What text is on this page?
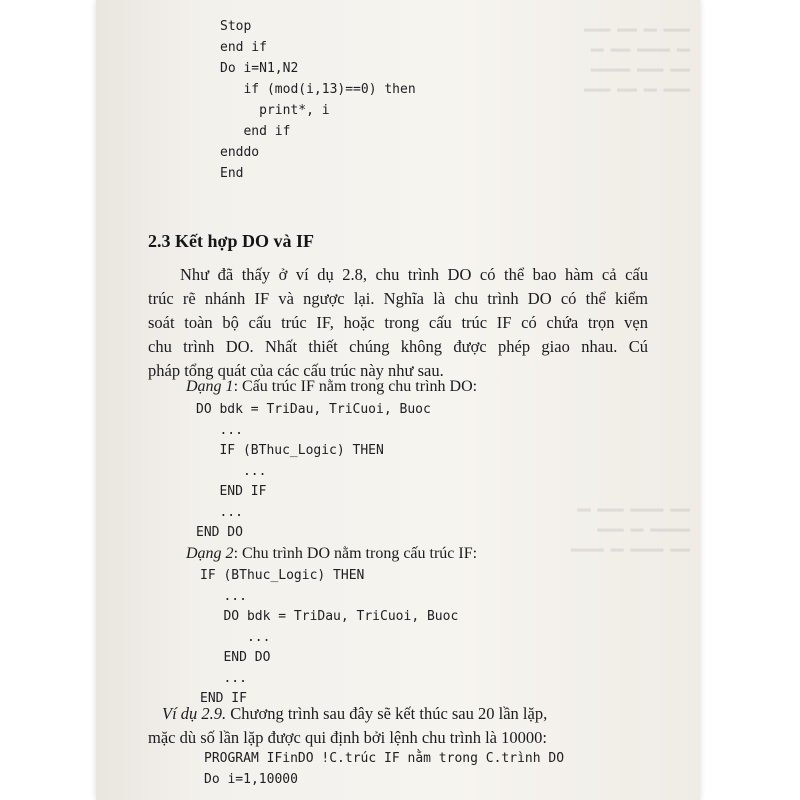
▬▬▬▬ ▬▬ ▬▬▬ ▬▬▬▬
▬▬ ▬▬▬▬▬ ▬▬▬ ▬▬
▬▬▬ ▬▬▬▬ ▬▬▬▬▬▬
▬▬▬▬ ▬▬ ▬▬▬ ▬▬▬▬
▬▬▬ ▬▬▬▬▬ ▬▬▬▬ ▬▬
▬▬▬▬▬▬ ▬▬ ▬▬▬▬
▬▬▬ ▬▬▬▬▬ ▬▬ ▬▬▬▬▬
Stop
end if
Do i=N1,N2
if (mod(i,13)==0) then
print*, i
end if
enddo
End
2.3 Kết hợp DO và IF

Như đã thấy ở ví dụ 2.8, chu trình DO có thể bao hàm cả cấu

trúc rẽ nhánh IF và ngược lại. Nghĩa là chu trình DO có thể kiểm

soát toàn bộ cấu trúc IF, hoặc trong cấu trúc IF có chứa trọn vẹn

chu trình DO. Nhất thiết chúng không được phép giao nhau. Cú

pháp tổng quát của các cấu trúc này như sau.

Dạng 1: Cấu trúc IF nằm trong chu trình DO:

DO bdk = TriDau, TriCuoi, Buoc
...
IF (BThuc_Logic) THEN
...
END IF
...
END DO

Dạng 2: Chu trình DO nằm trong cấu trúc IF:

IF (BThuc_Logic) THEN
...
DO bdk = TriDau, TriCuoi, Buoc
...
END DO
...
END IF

Ví dụ 2.9. Chương trình sau đây sẽ kết thúc sau 20 lần lặp,

mặc dù số lần lặp được qui định bởi lệnh chu trình là 10000:

PROGRAM IFinDO !C.trúc IF nằm trong C.trình DO
Do i=1,10000
